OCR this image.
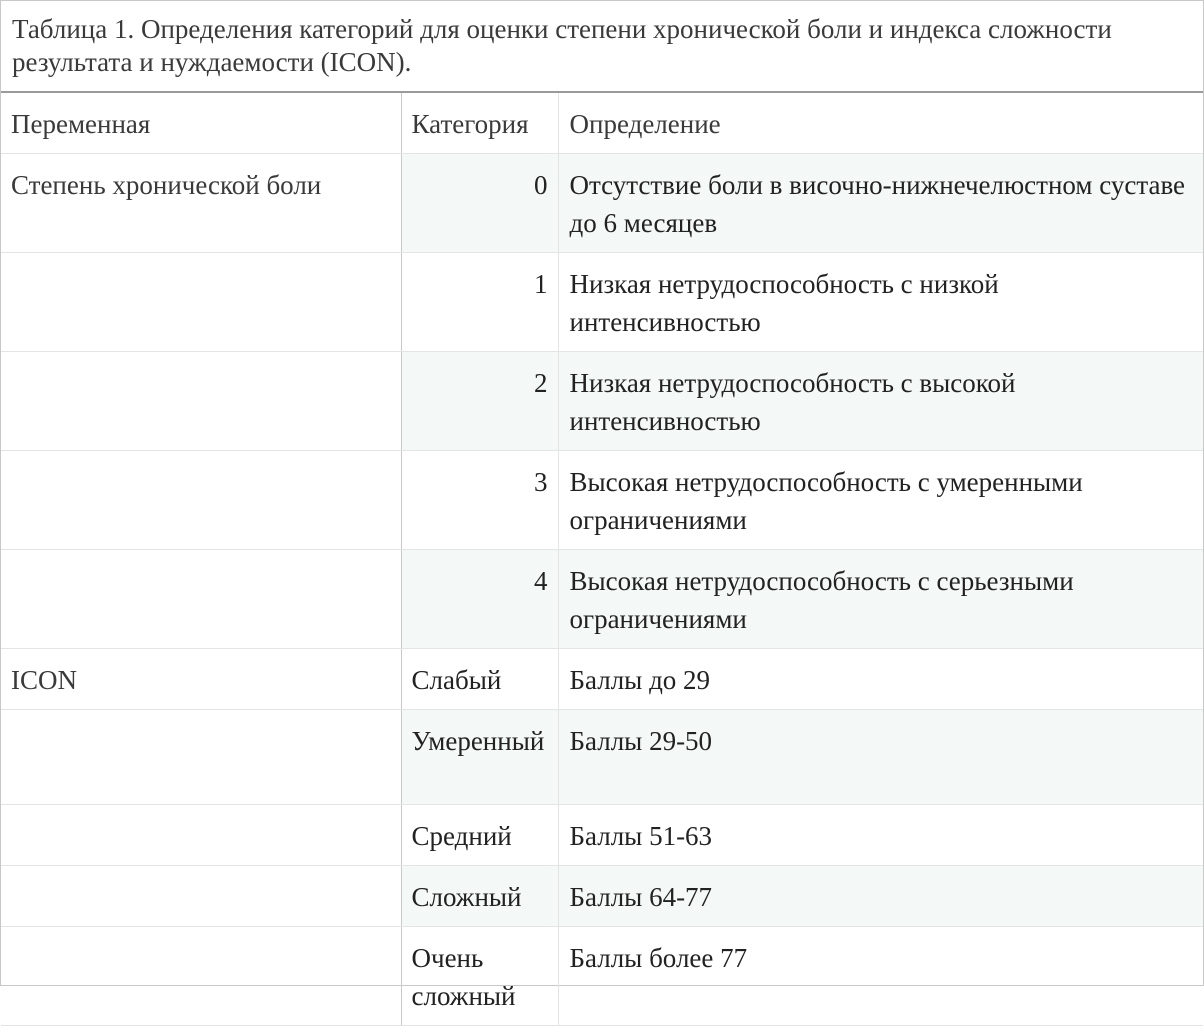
Таблица 1. Определения категорий для оценки степени хронической боли и индекса сложности результата и нуждаемости (ICON).
Переменная	Категория	Определение
Степень хронической боли	0	Отсутствие боли в височно-нижнечелюстном суставе до 6 месяцев
	1	Низкая нетрудоспособность с низкой интенсивностью
	2	Низкая нетрудоспособность с высокой интенсивностью
	3	Высокая нетрудоспособность с умеренными ограничениями
	4	Высокая нетрудоспособность с серьезными ограничениями
ICON	Слабый	Баллы до 29
	Умеренный	Баллы 29-50
	Средний	Баллы 51-63
	Сложный	Баллы 64-77
	Очень сложный	Баллы более 77
